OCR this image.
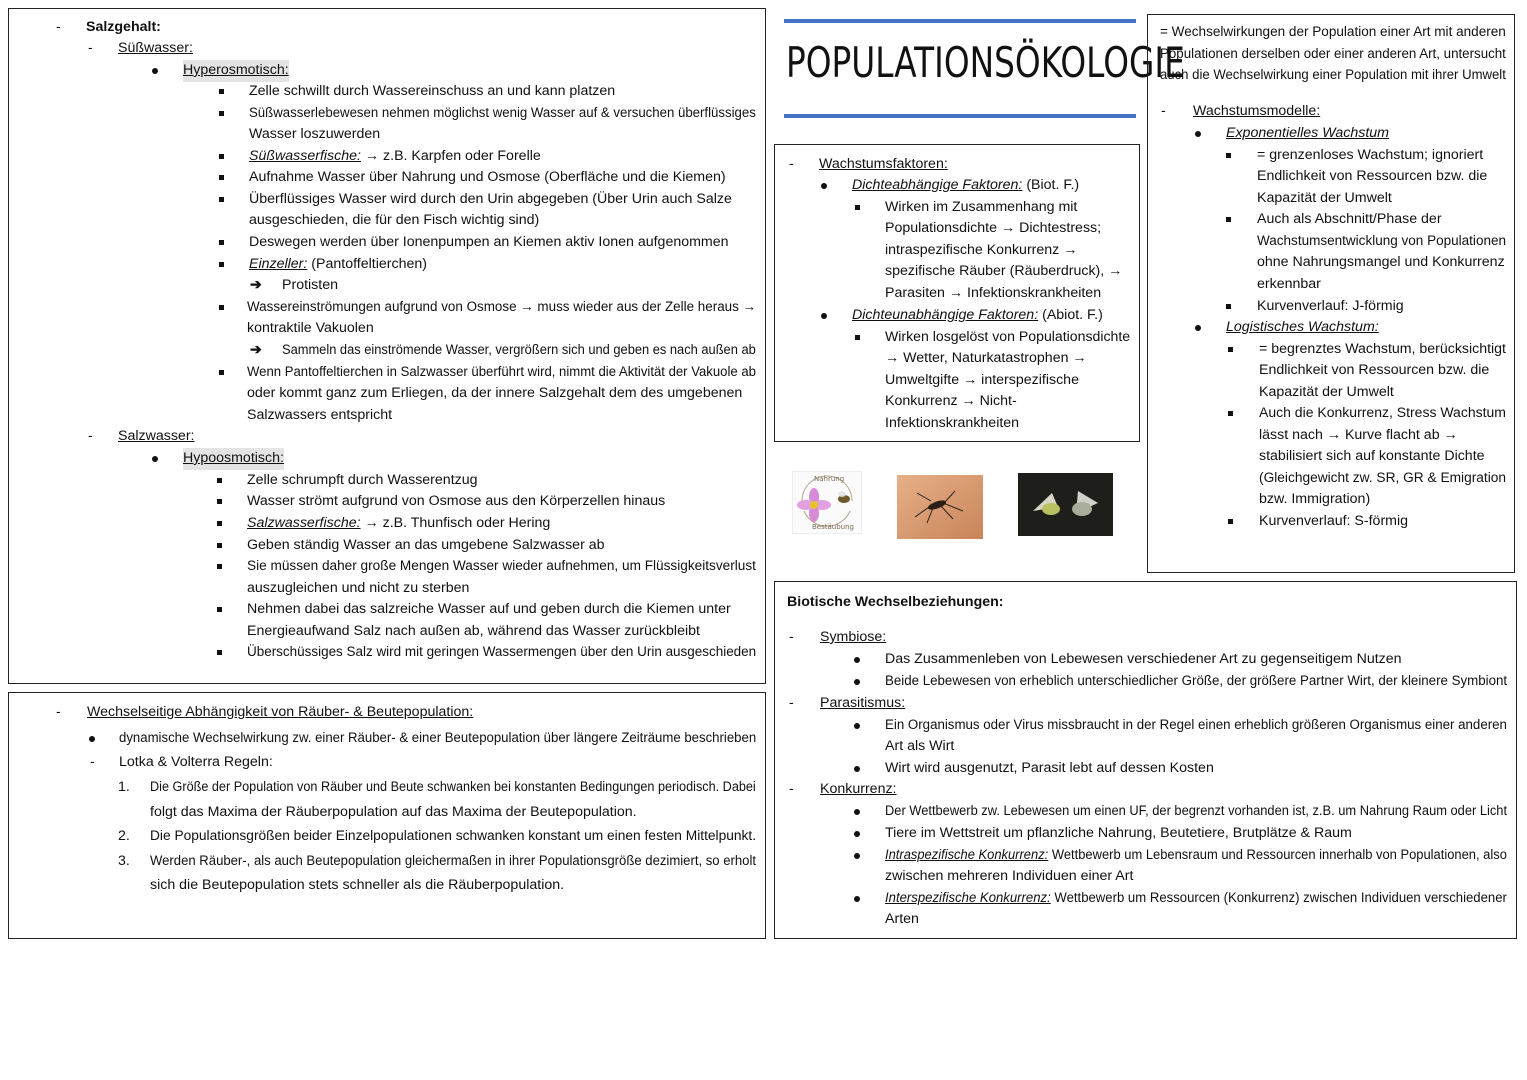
- Salzgehalt:
- Süßwasser:
Hyperosmotisch:
Zelle schwillt durch Wassereinschuss an und kann platzen
Süßwasserlebewesen nehmen möglichst wenig Wasser auf & versuchen überflüssiges
Wasser loszuwerden
Süßwasserfische: → z.B. Karpfen oder Forelle
Aufnahme Wasser über Nahrung und Osmose (Oberfläche und die Kiemen)
Überflüssiges Wasser wird durch den Urin abgegeben (Über Urin auch Salze
ausgeschieden, die für den Fisch wichtig sind)
Deswegen werden über Ionenpumpen an Kiemen aktiv Ionen aufgenommen
Einzeller: (Pantoffeltierchen)
➔ Protisten
Wassereinströmungen aufgrund von Osmose → muss wieder aus der Zelle heraus →
kontraktile Vakuolen
➔ Sammeln das einströmende Wasser, vergrößern sich und geben es nach außen ab
Wenn Pantoffeltierchen in Salzwasser überführt wird, nimmt die Aktivität der Vakuole ab
oder kommt ganz zum Erliegen, da der innere Salzgehalt dem des umgebenen
Salzwassers entspricht
- Salzwasser:
Hypoosmotisch:
Zelle schrumpft durch Wasserentzug
Wasser strömt aufgrund von Osmose aus den Körperzellen hinaus
Salzwasserfische: → z.B. Thunfisch oder Hering
Geben ständig Wasser an das umgebene Salzwasser ab
Sie müssen daher große Mengen Wasser wieder aufnehmen, um Flüssigkeitsverlust
auszugleichen und nicht zu sterben
Nehmen dabei das salzreiche Wasser auf und geben durch die Kiemen unter
Energieaufwand Salz nach außen ab, während das Wasser zurückbleibt
Überschüssiges Salz wird mit geringen Wassermengen über den Urin ausgeschieden
- Wechselseitige Abhängigkeit von Räuber- & Beutepopulation:
dynamische Wechselwirkung zw. einer Räuber- & einer Beutepopulation über längere Zeiträume beschrieben
- Lotka & Volterra Regeln:
1. Die Größe der Population von Räuber und Beute schwanken bei konstanten Bedingungen periodisch. Dabei
folgt das Maxima der Räuberpopulation auf das Maxima der Beutepopulation.
2. Die Populationsgrößen beider Einzelpopulationen schwanken konstant um einen festen Mittelpunkt.
3. Werden Räuber-, als auch Beutepopulation gleichermaßen in ihrer Populationsgröße dezimiert, so erholt
sich die Beutepopulation stets schneller als die Räuberpopulation.
POPULATIONSÖKOLOGIE
- Wachstumsfaktoren:
Dichteabhängige Faktoren: (Biot. F.)
Wirken im Zusammenhang mit
Populationsdichte → Dichtestress;
intraspezifische Konkurrenz →
spezifische Räuber (Räuberdruck), →
Parasiten → Infektionskrankheiten
Dichteunabhängige Faktoren: (Abiot. F.)
Wirken losgelöst von Populationsdichte
→ Wetter, Naturkatastrophen →
Umweltgifte → interspezifische
Konkurrenz → Nicht-
Infektionskrankheiten
Nahrung
Bestäubung
= Wechselwirkungen der Population einer Art mit anderen
Populationen derselben oder einer anderen Art, untersucht
auch die Wechselwirkung einer Population mit ihrer Umwelt
- Wachstumsmodelle:
Exponentielles Wachstum
= grenzenloses Wachstum; ignoriert
Endlichkeit von Ressourcen bzw. die
Kapazität der Umwelt
Auch als Abschnitt/Phase der
Wachstumsentwicklung von Populationen
ohne Nahrungsmangel und Konkurrenz
erkennbar
Kurvenverlauf: J-förmig
Logistisches Wachstum:
= begrenztes Wachstum, berücksichtigt
Endlichkeit von Ressourcen bzw. die
Kapazität der Umwelt
Auch die Konkurrenz, Stress Wachstum
lässt nach → Kurve flacht ab →
stabilisiert sich auf konstante Dichte
(Gleichgewicht zw. SR, GR & Emigration
bzw. Immigration)
Kurvenverlauf: S-förmig
Biotische Wechselbeziehungen:
- Symbiose:
Das Zusammenleben von Lebewesen verschiedener Art zu gegenseitigem Nutzen
Beide Lebewesen von erheblich unterschiedlicher Größe, der größere Partner Wirt, der kleinere Symbiont
- Parasitismus:
Ein Organismus oder Virus missbraucht in der Regel einen erheblich größeren Organismus einer anderen
Art als Wirt
Wirt wird ausgenutzt, Parasit lebt auf dessen Kosten
- Konkurrenz:
Der Wettbewerb zw. Lebewesen um einen UF, der begrenzt vorhanden ist, z.B. um Nahrung Raum oder Licht
Tiere im Wettstreit um pflanzliche Nahrung, Beutetiere, Brutplätze & Raum
Intraspezifische Konkurrenz: Wettbewerb um Lebensraum und Ressourcen innerhalb von Populationen, also
zwischen mehreren Individuen einer Art
Interspezifische Konkurrenz: Wettbewerb um Ressourcen (Konkurrenz) zwischen Individuen verschiedener
Arten
